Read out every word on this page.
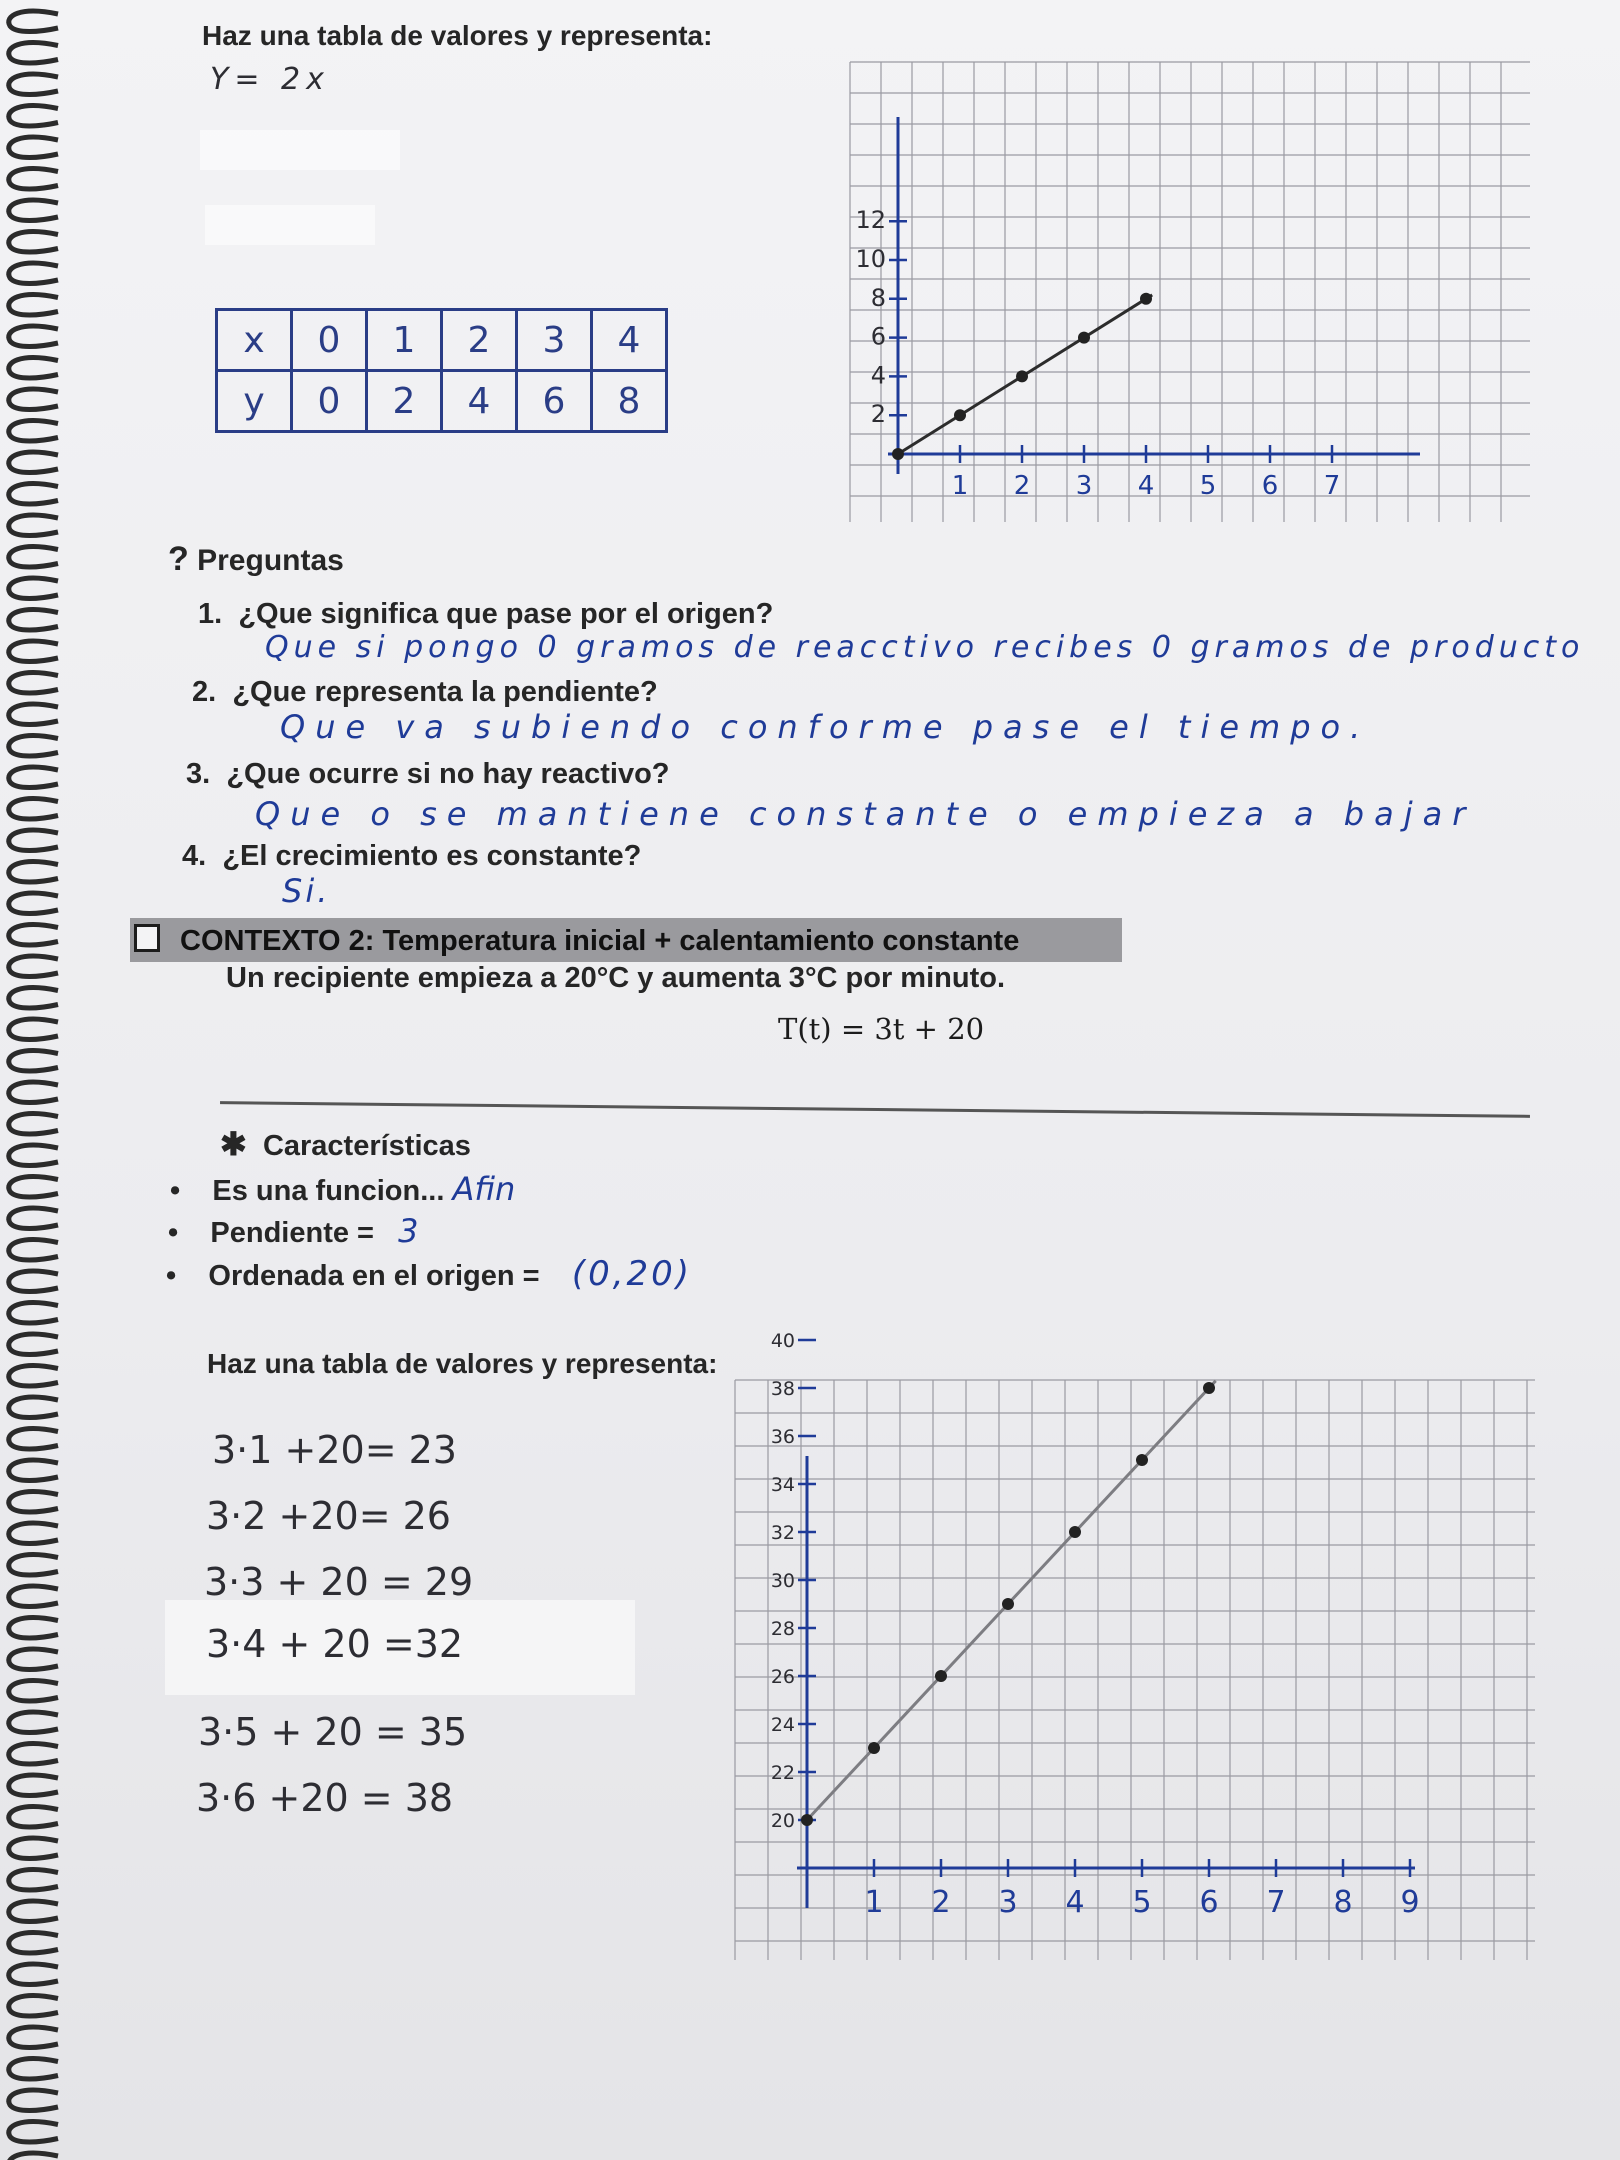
Haz una tabla de valores y representa:
Y= 2x
x	0	1	2	3	4
y	0	2	4	6	8
1 2 3 4 5 6 7
2
4
6
8
10
12
? Preguntas
1. ¿Que significa que pase por el origen?
Que si pongo 0 gramos de reacctivo recibes 0 gramos de producto
2. ¿Que representa la pendiente?
Que va subiendo conforme pase el tiempo.
3. ¿Que ocurre si no hay reactivo?
Que o se mantiene constante o empieza a bajar
4. ¿El crecimiento es constante?
Si.
CONTEXTO 2: Temperatura inicial + calentamiento constante
Un recipiente empieza a 20°C y aumenta 3°C por minuto.
T(t) = 3t + 20
✱ Características
• Es una funcion... Afin
• Pendiente = 3
• Ordenada en el origen = (0,20)
Haz una tabla de valores y representa:
3·1 +20= 23
3·2 +20= 26
3·3 + 20 = 29
3·4 + 20 =32
3·5 + 20 = 35
3·6 +20 = 38
1 2 3 4 5 6 7 8 9
20
22
24
26
28
30
32
34
36
38
40
